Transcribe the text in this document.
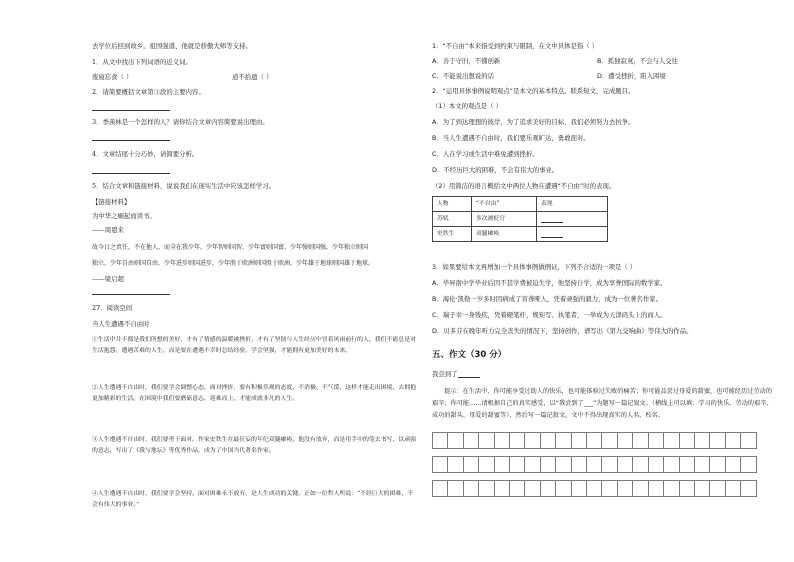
去学位后回到故乡。祖国强盛、他就是骄傲大师等支持。
1．从文中找出下列词语的近义词。
废寝忘食（ ）	道不拾遗（ ）
2．请简要概括文章第③段的主要内容。
3．季羡林是一个怎样的人？请你结合文章内容简要说出理由。
4．文章结尾十分巧妙，请简要分析。
5．结合文章和链接材料，说说我们在现实生活中应该怎样学习。
【链接材料】
为中华之崛起而读书。
——周恩来
故今日之责任，不在他人，而全在我少年。少年智则国智，少年富则国富，少年强则国强，少年独立则国
独立，少年自由则国自由，少年进步则国进步，少年胜于欧洲则国胜于欧洲，少年雄于地球则国雄于地球。
——梁启超
27．阅读空间
当人生遭遇不自由时
①生活中并不都是我们所想的美好，才有了情感的温暖被挫折，才有了坚韧与人生经历中冒着风雨前行的人，我们不能总是对生活抱怨，遭遇苦难的人生，而是要在遭遇不幸时总结经验，学会坚强，才能拥有更加美好的未来。
②人生遭遇不自由时，我们要学会调整心态，面对挫折，要有积极乐观的态度，不消极、不气馁，这样才能走出困境，去拥抱更加精彩的生活。在困境中我们要磨砺意志，迎难而上，才能成就非凡的人生。
③人生遭遇不自由时，我们要勇于面对。作家史铁生在最狂妄的年纪双腿瘫痪，他没有放弃，而是用手中的笔去书写，以顽强的意志，写出了《我与地坛》等优秀作品，成为了中国当代著名作家。
④人生遭遇不自由时，我们要学会坚持。面对困难永不放弃，是人生成功的关键。正如一位哲人所说：“不经巨大的困难，不会有伟大的事业。”
1．“不自由”本来指受到约束与限制，在文中具体是指（ ）
A．善于守旧，不懂创新	B．孤独寂寞，不会与人交往
C．不能说出想说的话	D．遭受挫折，陷入困境
2．“运用具体事例说明观点”是本文的基本特点。联系短文，完成题目。
（1）本文的观点是（ ）
A．为了到达理想的彼岸，为了追求美好的目标，我们必须努力去抗争。
B．当人生遭遇不自由时，我们要乐观旷达，勇敢面对。
C．人在学习或生活中难免遭到挫折。
D．不经历巨大的困难，不会有伟大的事业。
（2）用简洁的语言概括文中两位人物在遭遇“不自由”时的表现。
人物	“不自由”	表现
苏轼	多次被贬官	
史铁生	双腿瘫痪	
3．如果要给本文再增加一个具体事例做例证，下列不合适的一项是（ ）
A．毕昇南中学毕业后因不甚学费被迫失学，他坚持自学，成为享誉国际的数学家。
B．海伦·凯勒一岁多时因病成了盲聋哑人，凭着顽强的毅力，成为一位著名作家。
C．瑞子幸一身残疾，凭着硬笔杆、规矩写、执笔者，一举成为天津码头上的商人。
D．贝多芬在晚年听力完全丧失的情况下，坚持创作，谱写出《第九交响曲》等伟大的作品。
五、作文（30 分）
我尝到了
提示：在生活中，你可能享受过助人的快乐，也可能体验过失败的痛苦；你可能品尝过母爱的甜蜜，也可能经历过劳动的艰辛；你可能……请根据自己的真实感受，以“我尝到了___”为题写一篇记叙文。（横线上可以填：学习的快乐、劳动的艰辛、成功的甜头、母爱的甜蜜等），然后写一篇记叙文，文中不得出现真实的人名、校名。
